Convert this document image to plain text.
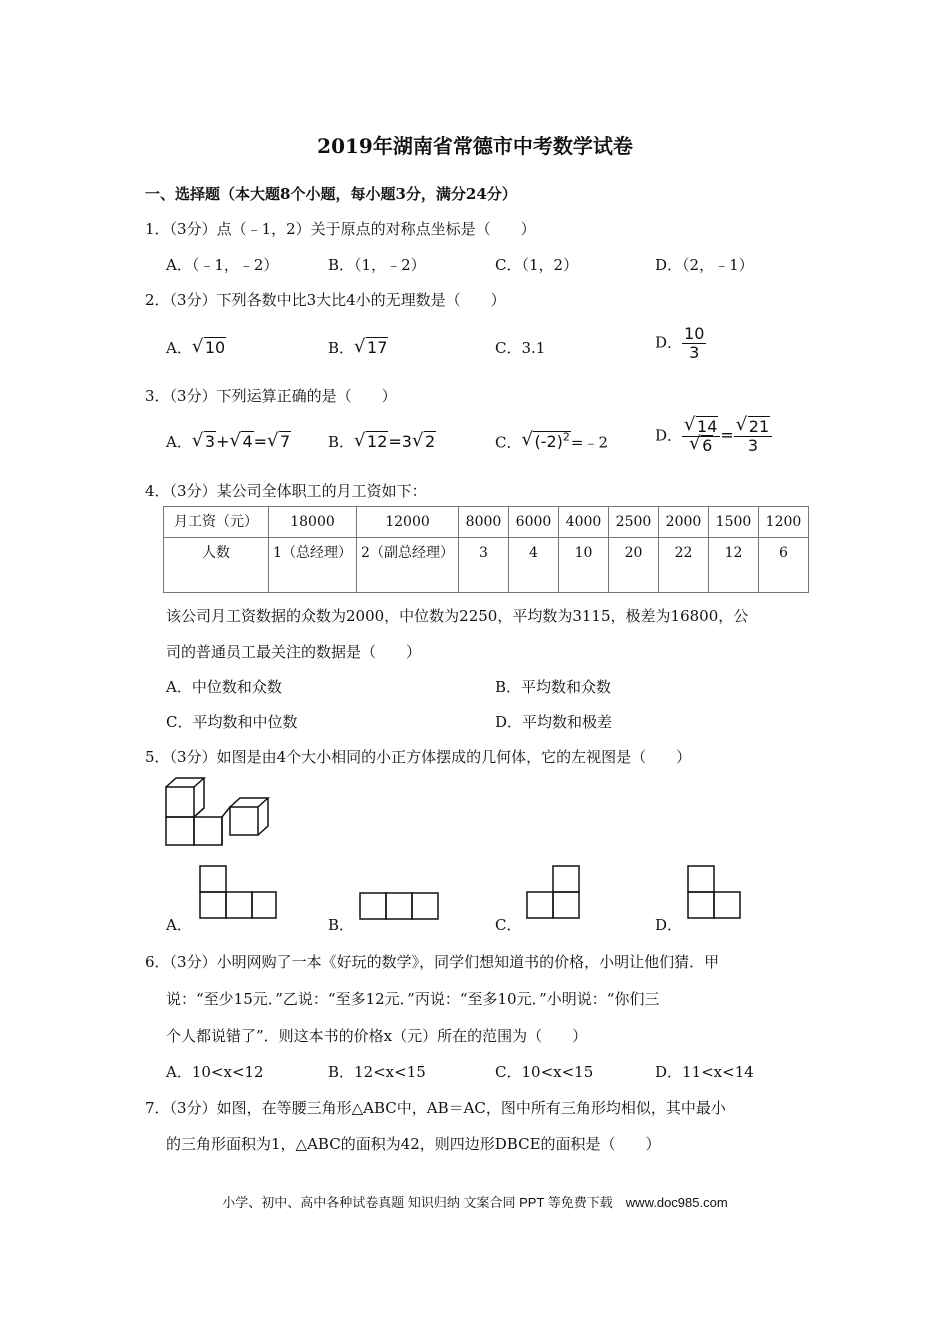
2019年湖南省常德市中考数学试卷
一、选择题（本大题8个小题，每小题3分，满分24分）
1．（3分）点（﹣1，2）关于原点的对称点坐标是（　　）
A．（﹣1，﹣2）	B．（1，﹣2）	C．（1，2）	D．（2，﹣1）
2．（3分）下列各数中比3大比4小的无理数是（　　）
A． √ 10	B． √ 17	C．3.1	D． $\frac{10}{3}$
3．（3分）下列运算正确的是（　　）
A． √ 3+ √ 4= √ 7	B． √ 12=3 √ 2	C． √ $(-2)^2=﹣2$	D． √ 14
√ 6 = √ $\frac{21}{3}$
4．（3分）某公司全体职工的月工资如下：
月工资（元）	18000	12000	8000	6000	4000	2500	2000	1500	1200
人数	1（总经理）	2（副总经理）	3	4	10	20	22	12	6
该公司月工资数据的众数为2000，中位数为2250，平均数为3115，极差为16800，公
司的普通员工最关注的数据是（　　）
A．中位数和众数	B．平均数和众数
C．平均数和中位数	D．平均数和极差
5．（3分）如图是由4个大小相同的小正方体摆成的几何体，它的左视图是（　　）
A．	B．	C．	D．
6．（3分）小明网购了一本《好玩的数学》，同学们想知道书的价格，小明让他们猜．甲
说：“至少15元．”乙说：“至多12元．”丙说：“至多10元．”小明说：“你们三
个人都说错了”．则这本书的价格x（元）所在的范围为（　　）
A．10<x<12	B．12<x<15	C．10<x<15	D．11<x<14
7．（3分）如图，在等腰三角形△ABC中，AB＝AC，图中所有三角形均相似，其中最小
的三角形面积为1，△ABC的面积为42，则四边形DBCE的面积是（　　）
小学、初中、高中各种试卷真题 知识归纳 文案合同 PPT 等免费下载　www.doc985.com
